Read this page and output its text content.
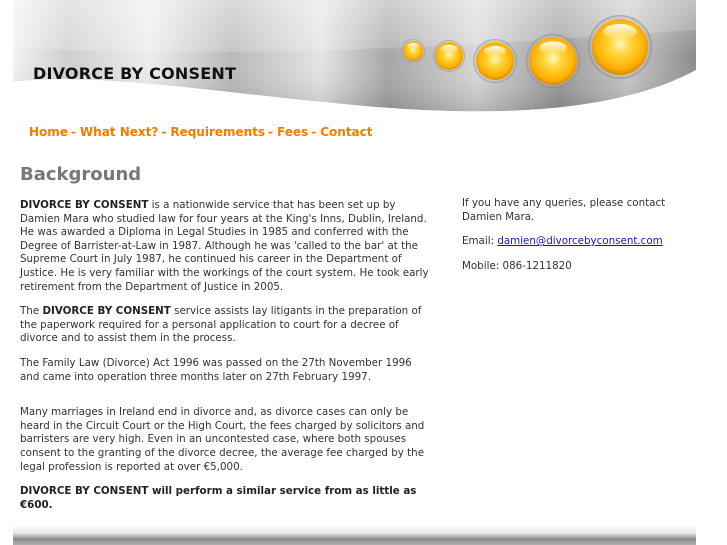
DIVORCE BY CONSENT
Home - What Next? - Requirements - Fees - Contact
Background

DIVORCE BY CONSENT is a nationwide service that has been set up by Damien Mara who studied law for four years at the King's Inns, Dublin, Ireland. He was awarded a Diploma in Legal Studies in 1985 and conferred with the Degree of Barrister-at-Law in 1987. Although he was 'called to the bar' at the Supreme Court in July 1987, he continued his career in the Department of Justice. He is very familiar with the workings of the court system. He took early retirement from the Department of Justice in 2005.

The DIVORCE BY CONSENT service assists lay litigants in the preparation of the paperwork required for a personal application to court for a decree of divorce and to assist them in the process.

The Family Law (Divorce) Act 1996 was passed on the 27th November 1996 and came into operation three months later on 27th February 1997.

Many marriages in Ireland end in divorce and, as divorce cases can only be heard in the Circuit Court or the High Court, the fees charged by solicitors and barristers are very high. Even in an uncontested case, where both spouses consent to the granting of the divorce decree, the average fee charged by the legal profession is reported at over €5,000.

DIVORCE BY CONSENT will perform a similar service from as little as €600.

If you have any queries, please contact Damien Mara.

Email: damien@divorcebyconsent.com

Mobile: 086-1211820
